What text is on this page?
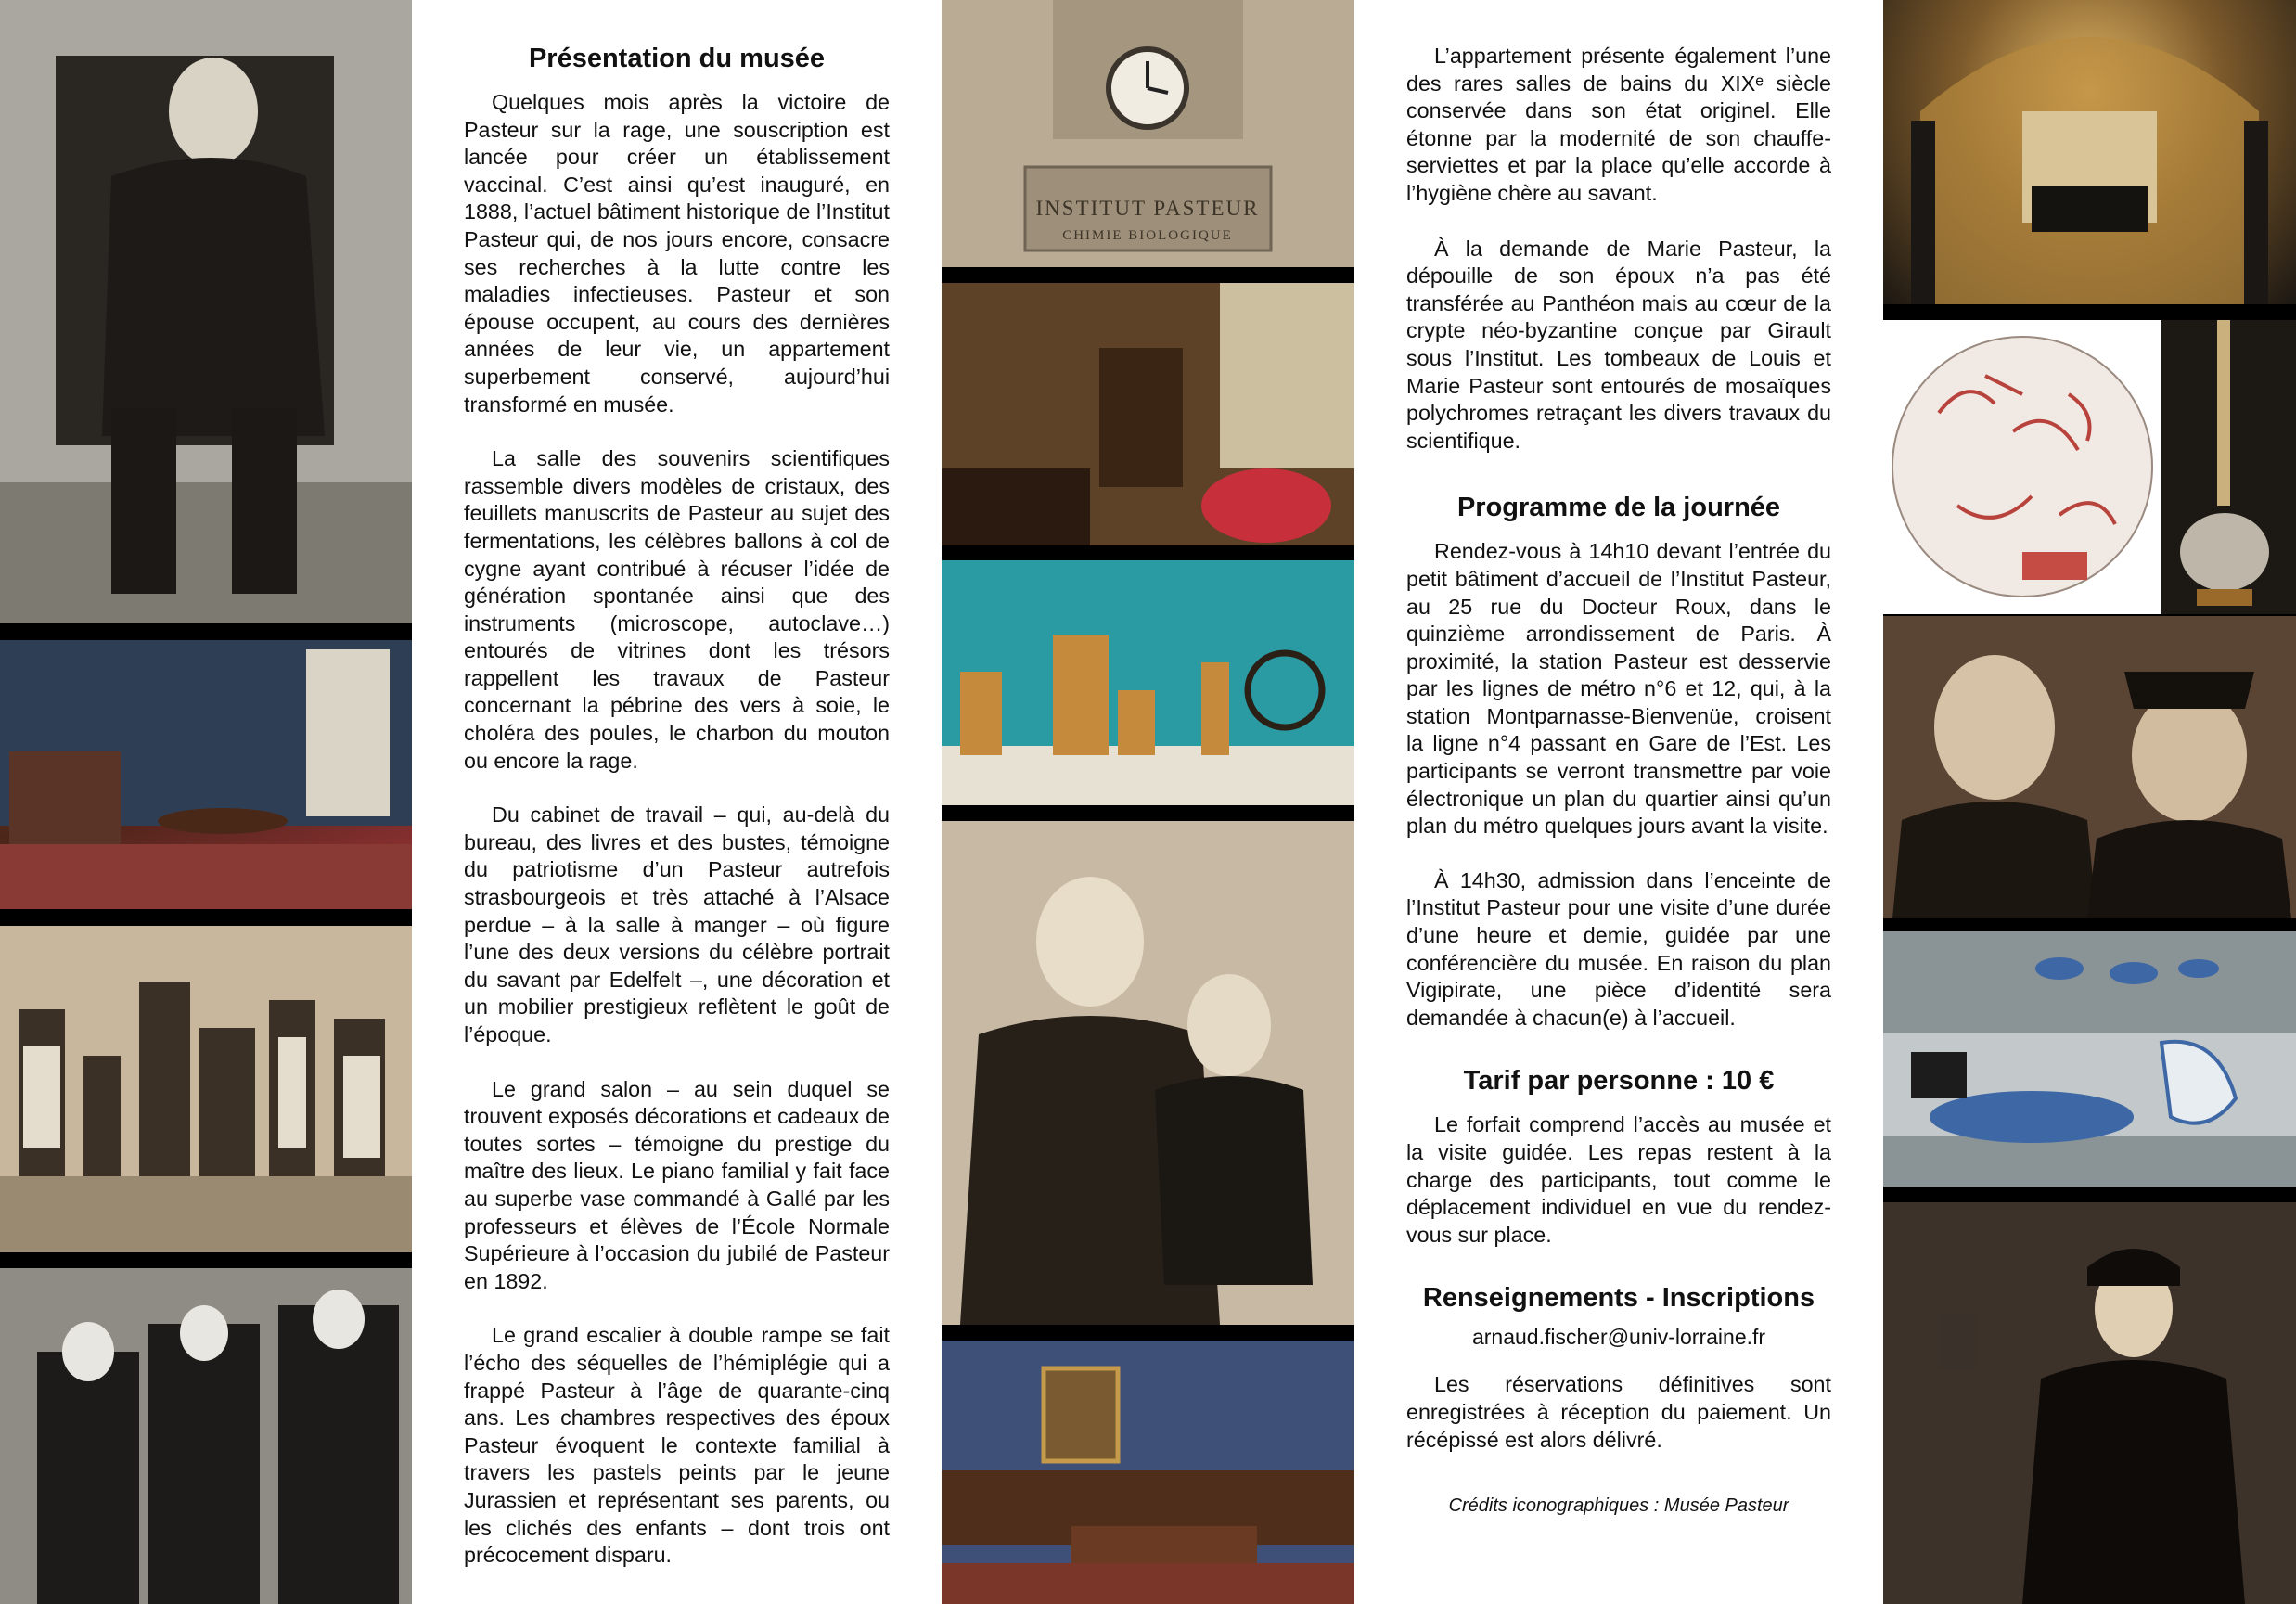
Présentation du musée

Quelques mois après la victoire de Pasteur sur la rage, une souscription est lancée pour créer un établissement vaccinal. C’est ainsi qu’est inauguré, en 1888, l’actuel bâtiment historique de l’Institut Pasteur qui, de nos jours encore, consacre ses recherches à la lutte contre les maladies infectieuses. Pasteur et son épouse occupent, au cours des dernières années de leur vie, un appartement superbement conservé, aujourd’hui transformé en musée.

La salle des souvenirs scientifiques rassemble divers modèles de cristaux, des feuillets manuscrits de Pasteur au sujet des fermentations, les célèbres ballons à col de cygne ayant contribué à récuser l’idée de génération spontanée ainsi que des instruments (microscope, autoclave…) entourés de vitrines dont les trésors rappellent les travaux de Pasteur concernant la pébrine des vers à soie, le choléra des poules, le charbon du mouton ou encore la rage.

Du cabinet de travail – qui, au-delà du bureau, des livres et des bustes, témoigne du patriotisme d’un Pasteur autrefois strasbourgeois et très attaché à l’Alsace perdue – à la salle à manger – où figure l’une des deux versions du célèbre portrait du savant par Edelfelt –, une décoration et un mobilier prestigieux reflètent le goût de l’époque.

Le grand salon – au sein duquel se trouvent exposés décorations et cadeaux de toutes sortes – témoigne du prestige du maître des lieux. Le piano familial y fait face au superbe vase commandé à Gallé par les professeurs et élèves de l’École Normale Supérieure à l’occasion du jubilé de Pasteur en 1892.

Le grand escalier à double rampe se fait l’écho des séquelles de l’hémiplégie qui a frappé Pasteur à l’âge de quarante-cinq ans. Les chambres respectives des époux Pasteur évoquent le contexte familial à travers les pastels peints par le jeune Jurassien et représentant ses parents, ou les clichés des enfants – dont trois ont précocement disparu.

INSTITUT PASTEUR
CHIMIE BIOLOGIQUE

L’appartement présente également l’une des rares salles de bains du XIXᵉ siècle conservée dans son état originel. Elle étonne par la modernité de son chauffe-serviettes et par la place qu’elle accorde à l’hygiène chère au savant.

À la demande de Marie Pasteur, la dépouille de son époux n’a pas été transférée au Panthéon mais au cœur de la crypte néo-byzantine conçue par Girault sous l’Institut. Les tombeaux de Louis et Marie Pasteur sont entourés de mosaïques polychromes retraçant les divers travaux du scientifique.

Programme de la journée

Rendez-vous à 14h10 devant l’entrée du petit bâtiment d’accueil de l’Institut Pasteur, au 25 rue du Docteur Roux, dans le quinzième arrondissement de Paris. À proximité, la station Pasteur est desservie par les lignes de métro n°6 et 12, qui, à la station Montparnasse-Bienvenüe, croisent la ligne n°4 passant en Gare de l’Est. Les participants se verront transmettre par voie électronique un plan du quartier ainsi qu’un plan du métro quelques jours avant la visite.

À 14h30, admission dans l’enceinte de l’Institut Pasteur pour une visite d’une durée d’une heure et demie, guidée par une conférencière du musée. En raison du plan Vigipirate, une pièce d’identité sera demandée à chacun(e) à l’accueil.

Tarif par personne : 10 €

Le forfait comprend l’accès au musée et la visite guidée. Les repas restent à la charge des participants, tout comme le déplacement individuel en vue du rendez-vous sur place.

Renseignements - Inscriptions
arnaud.fischer@univ-lorraine.fr

Les réservations définitives sont enregistrées à réception du paiement. Un récépissé est alors délivré.

Crédits iconographiques : Musée Pasteur
